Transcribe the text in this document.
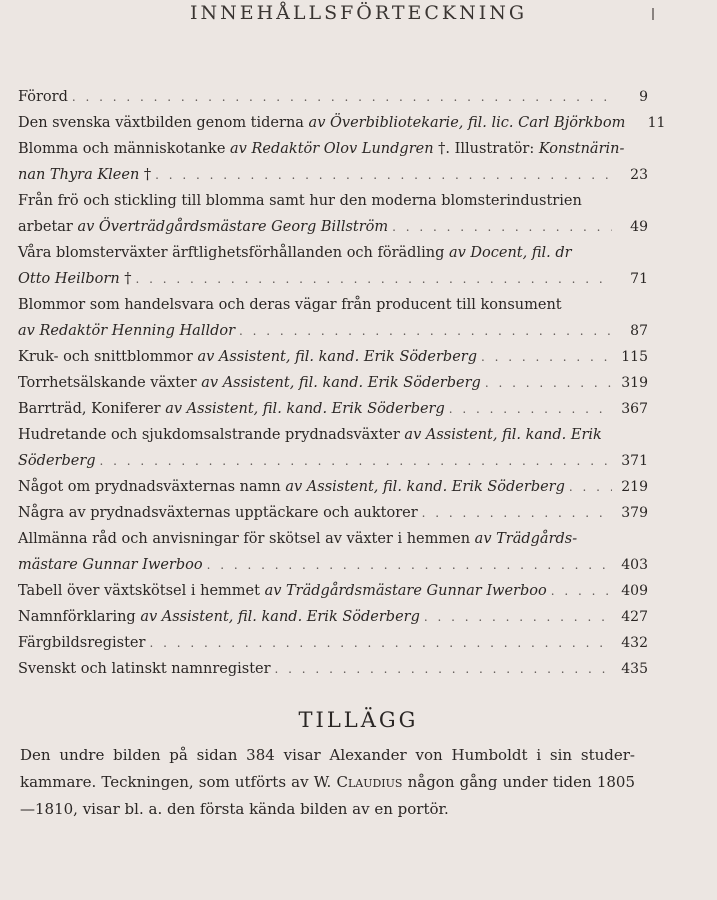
INNEHÅLLSFÖRTECKNING
Förord . . .	9
Den svenska växtbilden genom tiderna av Överbibliotekarie, fil. lic. Carl Björkbom	11
Blomma och människotanke av Redaktör Olov Lundgren †. Illustratör: Konstnärin-
nan Thyra Kleen † . . .	23
Från frö och stickling till blomma samt hur den moderna blomsterindustrien
arbetar av Överträdgårdsmästare Georg Billström . . .	49
Våra blomsterväxter ärftlighetsförhållanden och förädling av Docent, fil. dr
Otto Heilborn † . . .	71
Blommor som handelsvara och deras vägar från producent till konsument
av Redaktör Henning Halldor . . .	87
Kruk- och snittblommor av Assistent, fil. kand. Erik Söderberg . . .	115
Torrhetsälskande växter av Assistent, fil. kand. Erik Söderberg . . .	319
Barrträd, Koniferer av Assistent, fil. kand. Erik Söderberg . . .	367
Hudretande och sjukdomsalstrande prydnadsväxter av Assistent, fil. kand. Erik
Söderberg . . .	371
Något om prydnadsväxternas namn av Assistent, fil. kand. Erik Söderberg . . .	219
Några av prydnadsväxternas upptäckare och auktorer . . .	379
Allmänna råd och anvisningar för skötsel av växter i hemmen av Trädgårds-
mästare Gunnar Iwerboo . . .	403
Tabell över växtskötsel i hemmet av Trädgårdsmästare Gunnar Iwerboo . . .	409
Namnförklaring av Assistent, fil. kand. Erik Söderberg . . .	427
Färgbildsregister . . .	432
Svenskt och latinskt namnregister . . .	435
TILLÄGG
Den undre bilden på sidan 384 visar Alexander von Humboldt i sin studer-kammare. Teckningen, som utförts av W. Claudius någon gång under tiden 1805—1810, visar bl. a. den första kända bilden av en portör.
